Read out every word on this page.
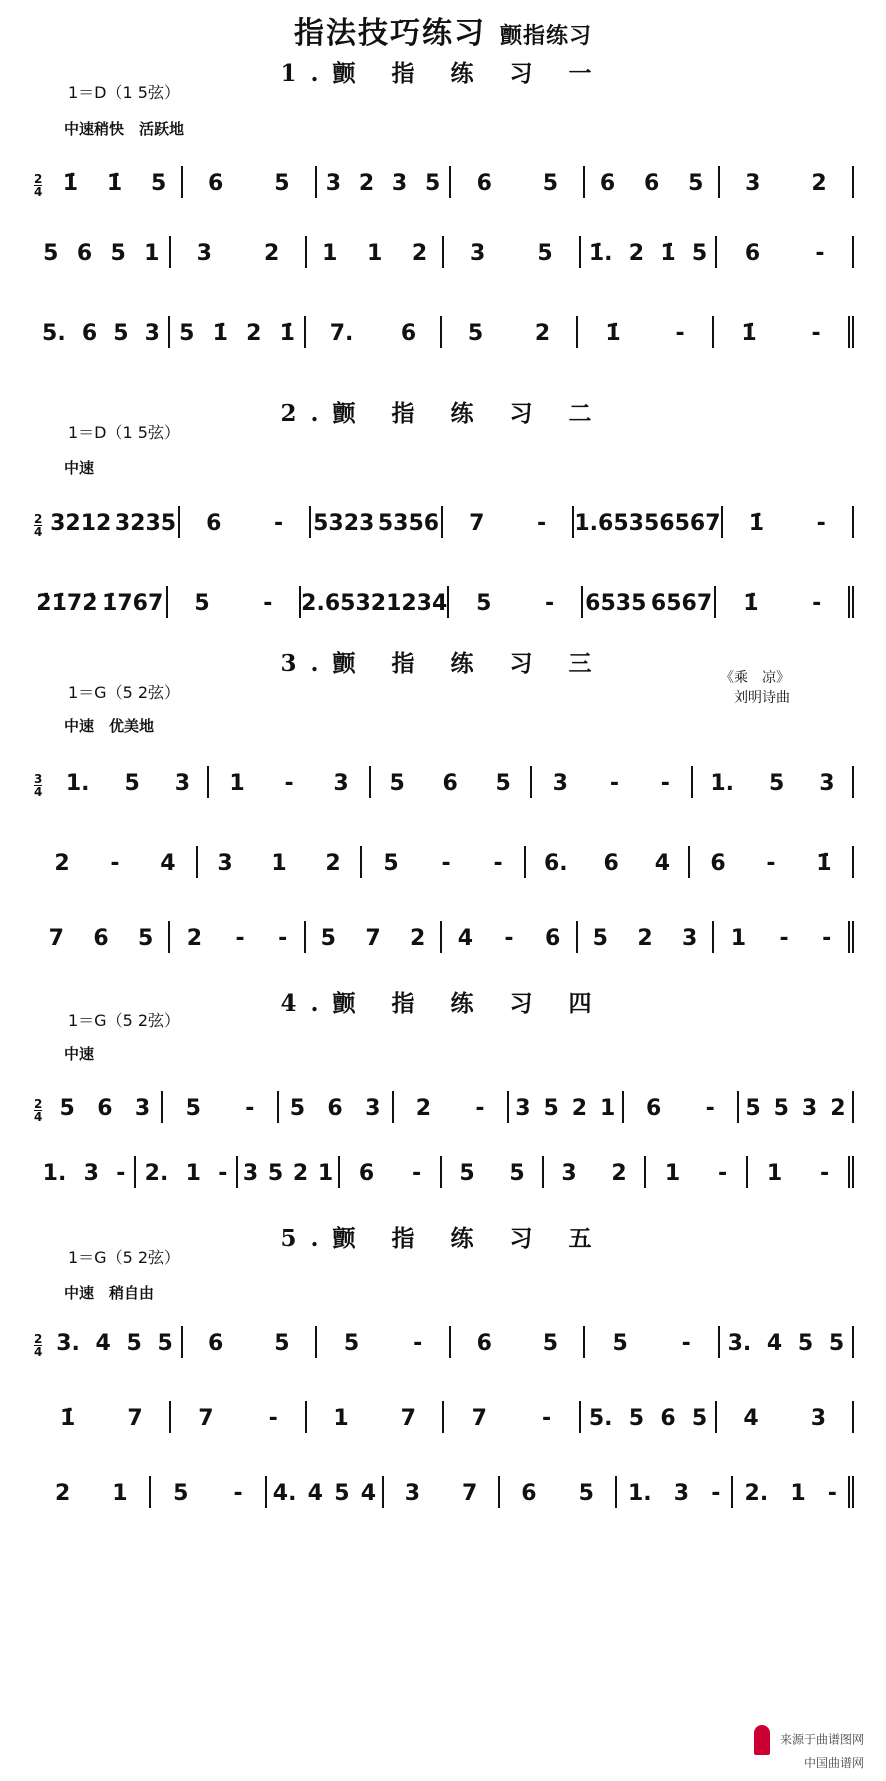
指法技巧练习 颤指练习
1.颤 指 练 习 一
1＝D（1 5弦）
中速稍快　活跃地
2
4 1̇ 1̇ 5 6 5 3 2 3 5 6 5 6 6 5 3 2
5 6 5 1 3 2 1 1 2 3 5 1̇. 2 1̇ 5 6	-
5. 6 5 3 5 1̇ 2 1̇ 7. 6 5 2	1̇ -	1̇ -
2.颤 指 练 习 二
1＝D（1 5弦）
中速
2
4 3212 3235 6 - 5323 5356 7 - 1. 6535 6567 1̇ -
2̇1̇72̇ 1̇767 5 - 2. 6532 1234 5 - 6535 6567 1̇ -
3.颤 指 练 习 三
1＝G（5 2弦）
中速　优美地
《乘　凉》
刘明诗曲
3
4 1. 5 3 1 - 3 5 6 5 3 - - 1. 5 3
2 - 4 3 1 2 5 - - 6. 6 4 6 - 1̇
7 6 5 2 - - 5 7 2 4 - 6 5 2 3 1 - -
4.颤 指 练 习 四
1＝G（5 2弦）
中速
2
4 5 6 3 5 - 5 6 3 2 - 3 5 2 1 6 - 5 5 3 2
1. 3 - 2. 1 - 3 5 2 1 6 - 5 5 3 2 1 - 1 -
5.颤 指 练 习 五
1＝G（5 2弦）
中速　稍自由
2
4 3. 4 5 5 6 5 5 - 6 5 5 - 3. 4 5 5
1̇ 7	7	-	1 7	7	- 5. 5 6 5 4 3
2 1 5 - 4. 4 5 4 3 7 6 5 1. 3 - 2. 1 -
来源于曲谱图网
中国曲谱网
